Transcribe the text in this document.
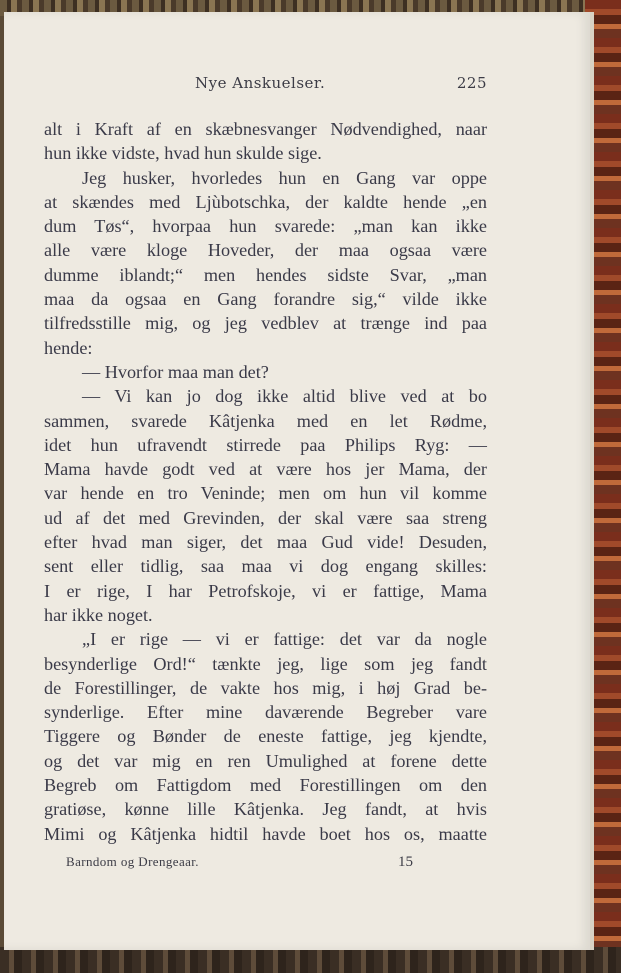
Nye Anskuelser.	225
alt i Kraft af en skæbnesvanger Nødvendighed, naar
hun ikke vidste, hvad hun skulde sige.
Jeg husker, hvorledes hun en Gang var oppe
at skændes med Ljùbotschka, der kaldte hende „en
dum Tøs“, hvorpaa hun svarede: „man kan ikke
alle være kloge Hoveder, der maa ogsaa være
dumme iblandt;“ men hendes sidste Svar, „man
maa da ogsaa en Gang forandre sig,“ vilde ikke
tilfredsstille mig, og jeg vedblev at trænge ind paa
hende:
— Hvorfor maa man det?
— Vi kan jo dog ikke altid blive ved at bo
sammen, svarede Kâtjenka med en let Rødme,
idet hun ufravendt stirrede paa Philips Ryg: —
Mama havde godt ved at være hos jer Mama, der
var hende en tro Veninde; men om hun vil komme
ud af det med Grevinden, der skal være saa streng
efter hvad man siger, det maa Gud vide! Desuden,
sent eller tidlig, saa maa vi dog engang skilles:
I er rige, I har Petrofskoje, vi er fattige, Mama
har ikke noget.
„I er rige — vi er fattige: det var da nogle
besynderlige Ord!“ tænkte jeg, lige som jeg fandt
de Forestillinger, de vakte hos mig, i høj Grad be-
synderlige. Efter mine daværende Begreber vare
Tiggere og Bønder de eneste fattige, jeg kjendte,
og det var mig en ren Umulighed at forene dette
Begreb om Fattigdom med Forestillingen om den
gratiøse, kønne lille Kâtjenka. Jeg fandt, at hvis
Mimi og Kâtjenka hidtil havde boet hos os, maatte
Barndom og Drengeaar.	15
